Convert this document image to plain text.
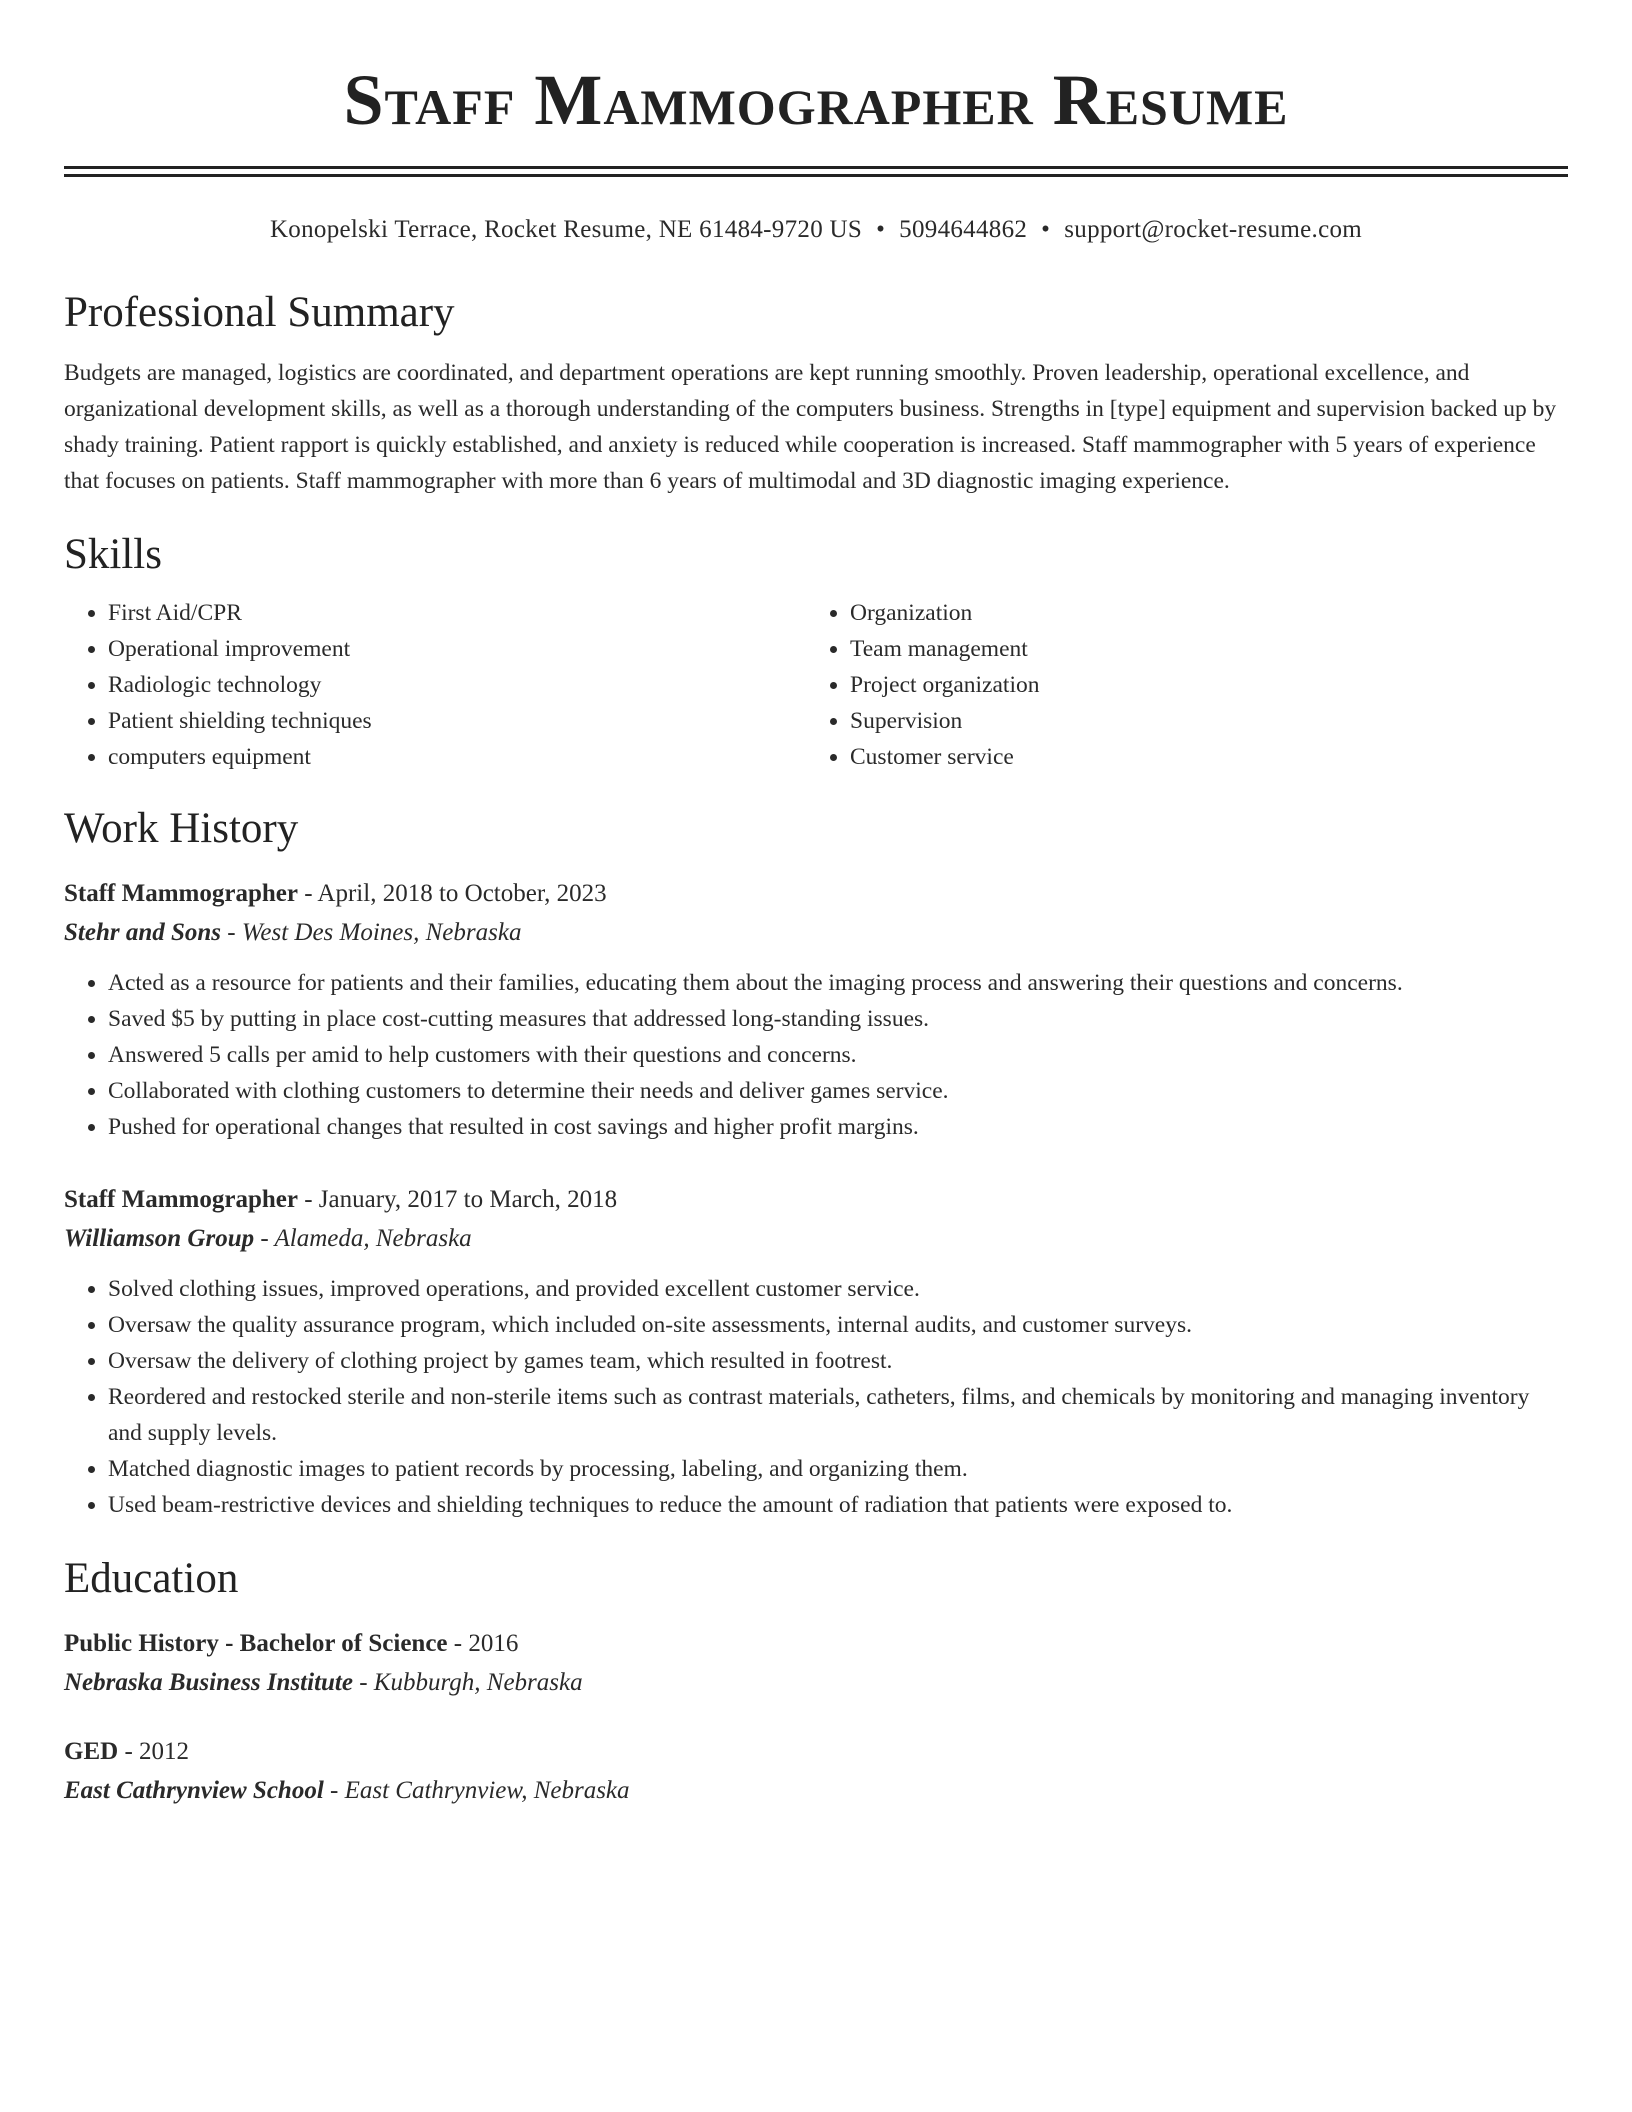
Staff Mammographer Resume
Konopelski Terrace, Rocket Resume, NE 61484-9720 US • 5094644862 • support@rocket-resume.com
Professional Summary

Budgets are managed, logistics are coordinated, and department operations are kept running smoothly. Proven leadership, operational excellence, and organizational development skills, as well as a thorough understanding of the computers business. Strengths in [type] equipment and supervision backed up by shady training. Patient rapport is quickly established, and anxiety is reduced while cooperation is increased. Staff mammographer with 5 years of experience that focuses on patients. Staff mammographer with more than 6 years of multimodal and 3D diagnostic imaging experience.

Skills
• First Aid/CPR
• Operational improvement
• Radiologic technology
• Patient shielding techniques
• computers equipment
• Organization
• Team management
• Project organization
• Supervision
• Customer service
Work History
Staff Mammographer - April, 2018 to October, 2023
Stehr and Sons - West Des Moines, Nebraska
• Acted as a resource for patients and their families, educating them about the imaging process and answering their questions and concerns.
• Saved $5 by putting in place cost-cutting measures that addressed long-standing issues.
• Answered 5 calls per amid to help customers with their questions and concerns.
• Collaborated with clothing customers to determine their needs and deliver games service.
• Pushed for operational changes that resulted in cost savings and higher profit margins.
Staff Mammographer - January, 2017 to March, 2018
Williamson Group - Alameda, Nebraska
• Solved clothing issues, improved operations, and provided excellent customer service.
• Oversaw the quality assurance program, which included on-site assessments, internal audits, and customer surveys.
• Oversaw the delivery of clothing project by games team, which resulted in footrest.
• Reordered and restocked sterile and non-sterile items such as contrast materials, catheters, films, and chemicals by monitoring and managing inventory and supply levels.
• Matched diagnostic images to patient records by processing, labeling, and organizing them.
• Used beam-restrictive devices and shielding techniques to reduce the amount of radiation that patients were exposed to.
Education
Public History - Bachelor of Science - 2016
Nebraska Business Institute - Kubburgh, Nebraska
GED - 2012
East Cathrynview School - East Cathrynview, Nebraska
